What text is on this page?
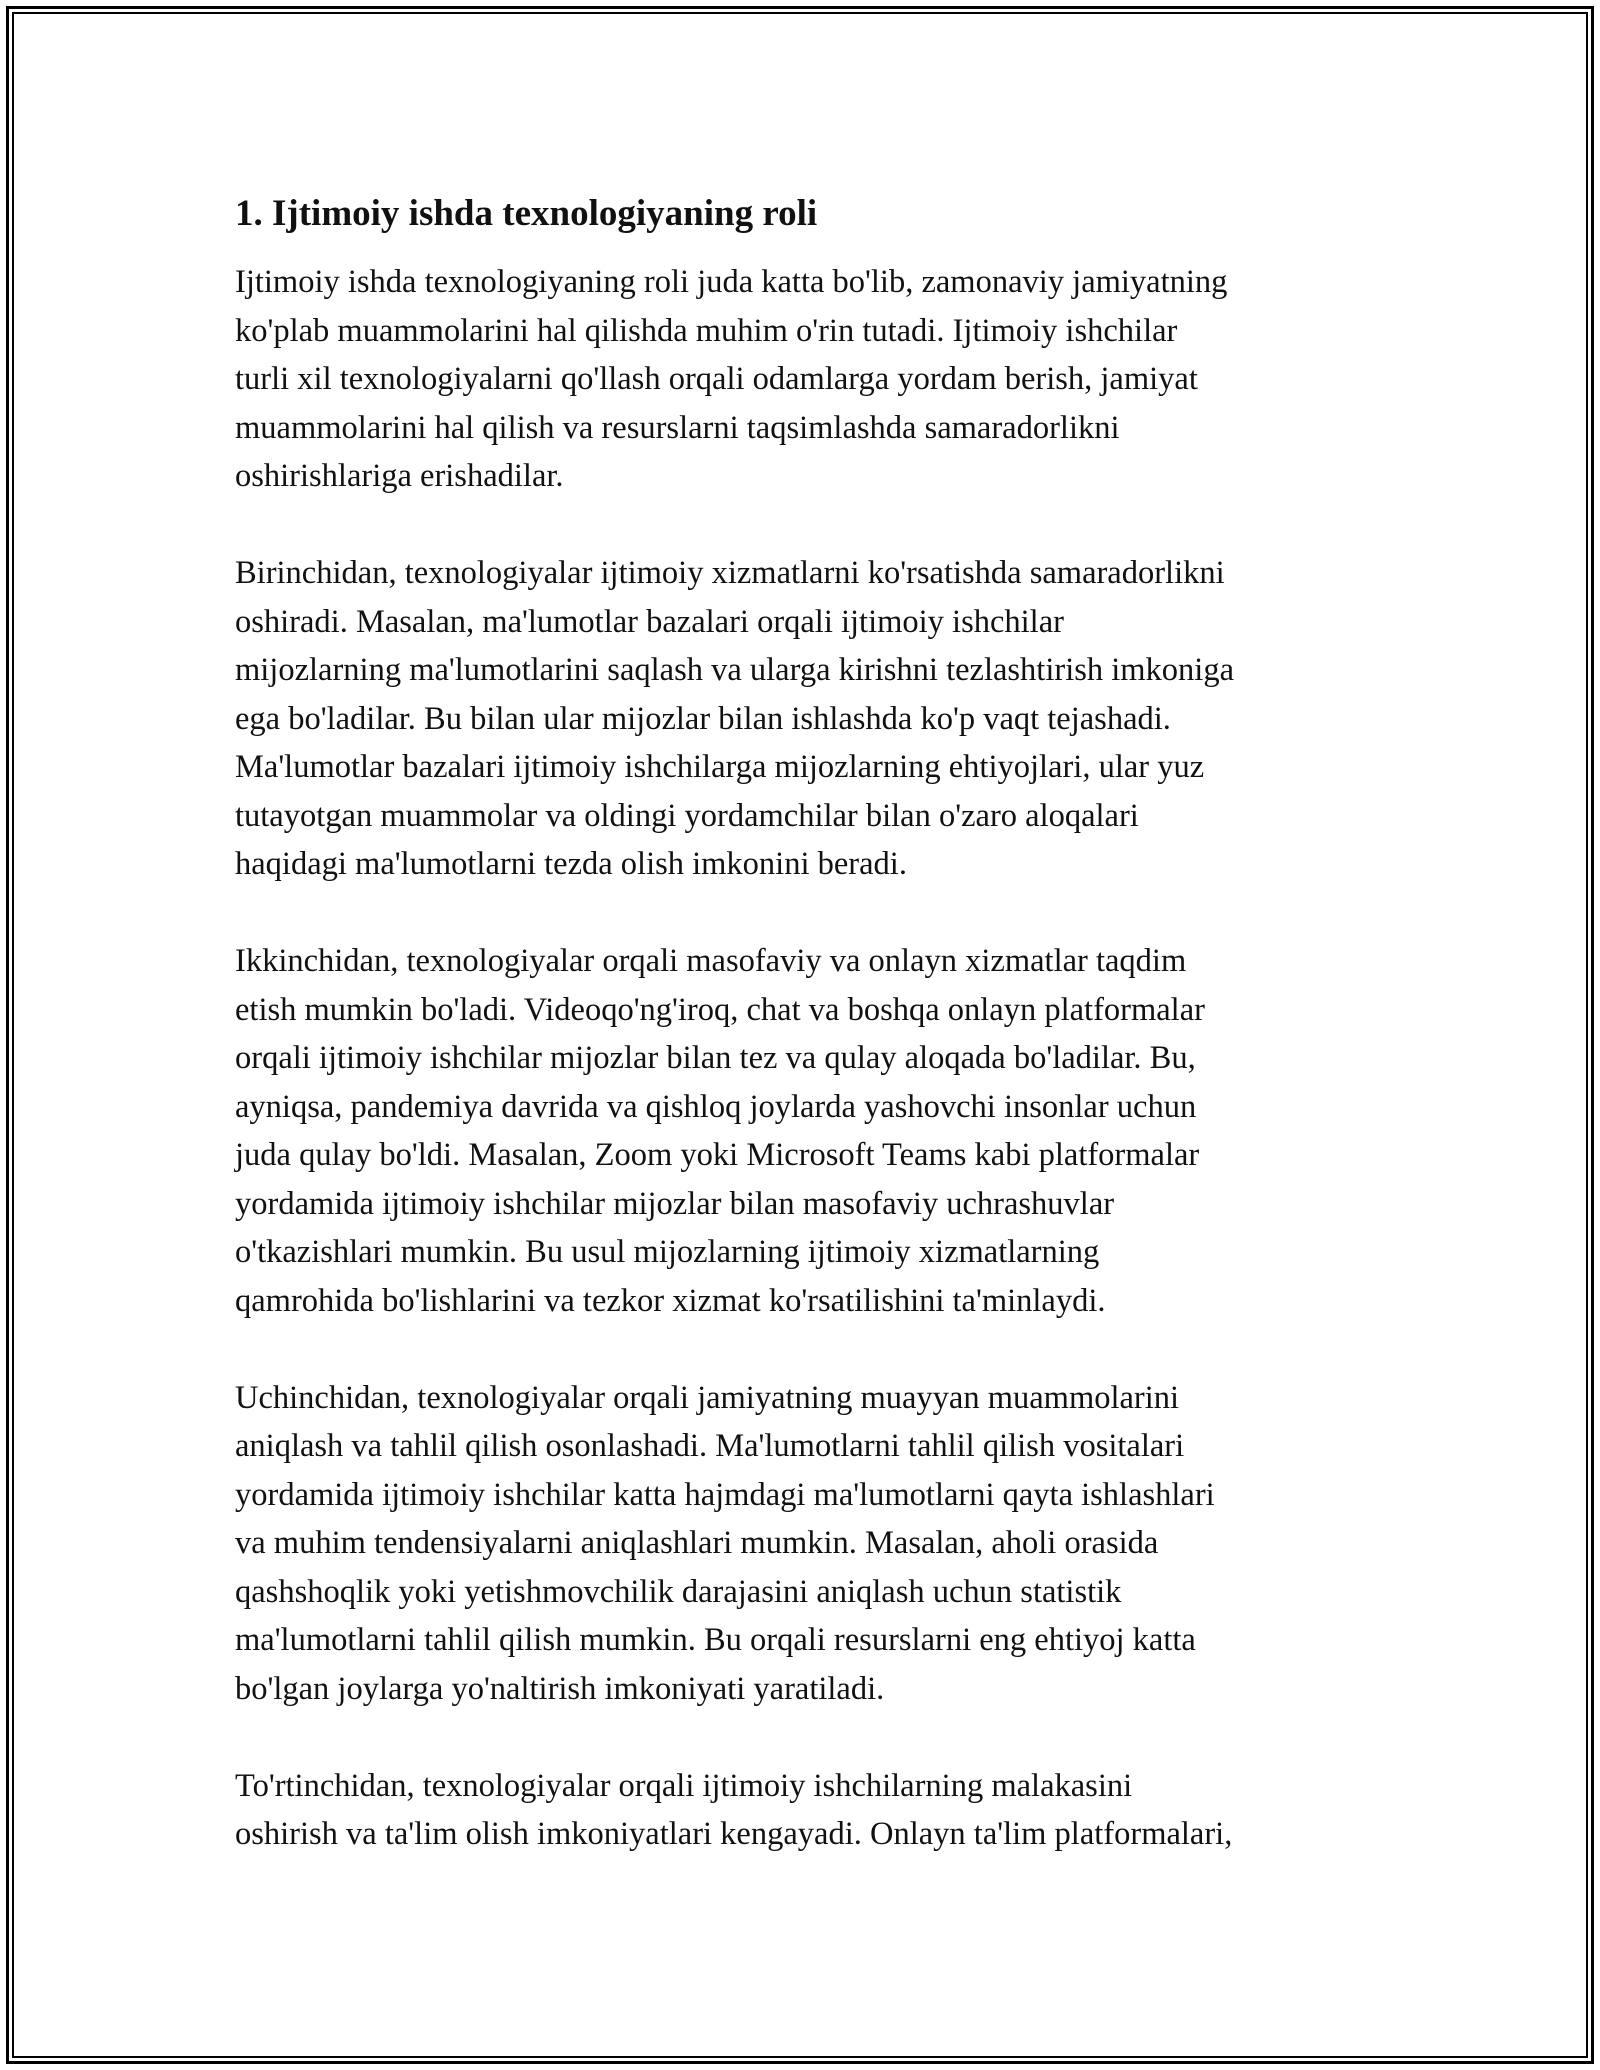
1. Ijtimoiy ishda texnologiyaning roli

Ijtimoiy ishda texnologiyaning roli juda katta bo'lib, zamonaviy jamiyatning
ko'plab muammolarini hal qilishda muhim o'rin tutadi. Ijtimoiy ishchilar
turli xil texnologiyalarni qo'llash orqali odamlarga yordam berish, jamiyat
muammolarini hal qilish va resurslarni taqsimlashda samaradorlikni
oshirishlariga erishadilar.

Birinchidan, texnologiyalar ijtimoiy xizmatlarni ko'rsatishda samaradorlikni
oshiradi. Masalan, ma'lumotlar bazalari orqali ijtimoiy ishchilar
mijozlarning ma'lumotlarini saqlash va ularga kirishni tezlashtirish imkoniga
ega bo'ladilar. Bu bilan ular mijozlar bilan ishlashda ko'p vaqt tejashadi.
Ma'lumotlar bazalari ijtimoiy ishchilarga mijozlarning ehtiyojlari, ular yuz
tutayotgan muammolar va oldingi yordamchilar bilan o'zaro aloqalari
haqidagi ma'lumotlarni tezda olish imkonini beradi.

Ikkinchidan, texnologiyalar orqali masofaviy va onlayn xizmatlar taqdim
etish mumkin bo'ladi. Videoqo'ng'iroq, chat va boshqa onlayn platformalar
orqali ijtimoiy ishchilar mijozlar bilan tez va qulay aloqada bo'ladilar. Bu,
ayniqsa, pandemiya davrida va qishloq joylarda yashovchi insonlar uchun
juda qulay bo'ldi. Masalan, Zoom yoki Microsoft Teams kabi platformalar
yordamida ijtimoiy ishchilar mijozlar bilan masofaviy uchrashuvlar
o'tkazishlari mumkin. Bu usul mijozlarning ijtimoiy xizmatlarning
qamrohida bo'lishlarini va tezkor xizmat ko'rsatilishini ta'minlaydi.

Uchinchidan, texnologiyalar orqali jamiyatning muayyan muammolarini
aniqlash va tahlil qilish osonlashadi. Ma'lumotlarni tahlil qilish vositalari
yordamida ijtimoiy ishchilar katta hajmdagi ma'lumotlarni qayta ishlashlari
va muhim tendensiyalarni aniqlashlari mumkin. Masalan, aholi orasida
qashshoqlik yoki yetishmovchilik darajasini aniqlash uchun statistik
ma'lumotlarni tahlil qilish mumkin. Bu orqali resurslarni eng ehtiyoj katta
bo'lgan joylarga yo'naltirish imkoniyati yaratiladi.

To'rtinchidan, texnologiyalar orqali ijtimoiy ishchilarning malakasini
oshirish va ta'lim olish imkoniyatlari kengayadi. Onlayn ta'lim platformalari,
